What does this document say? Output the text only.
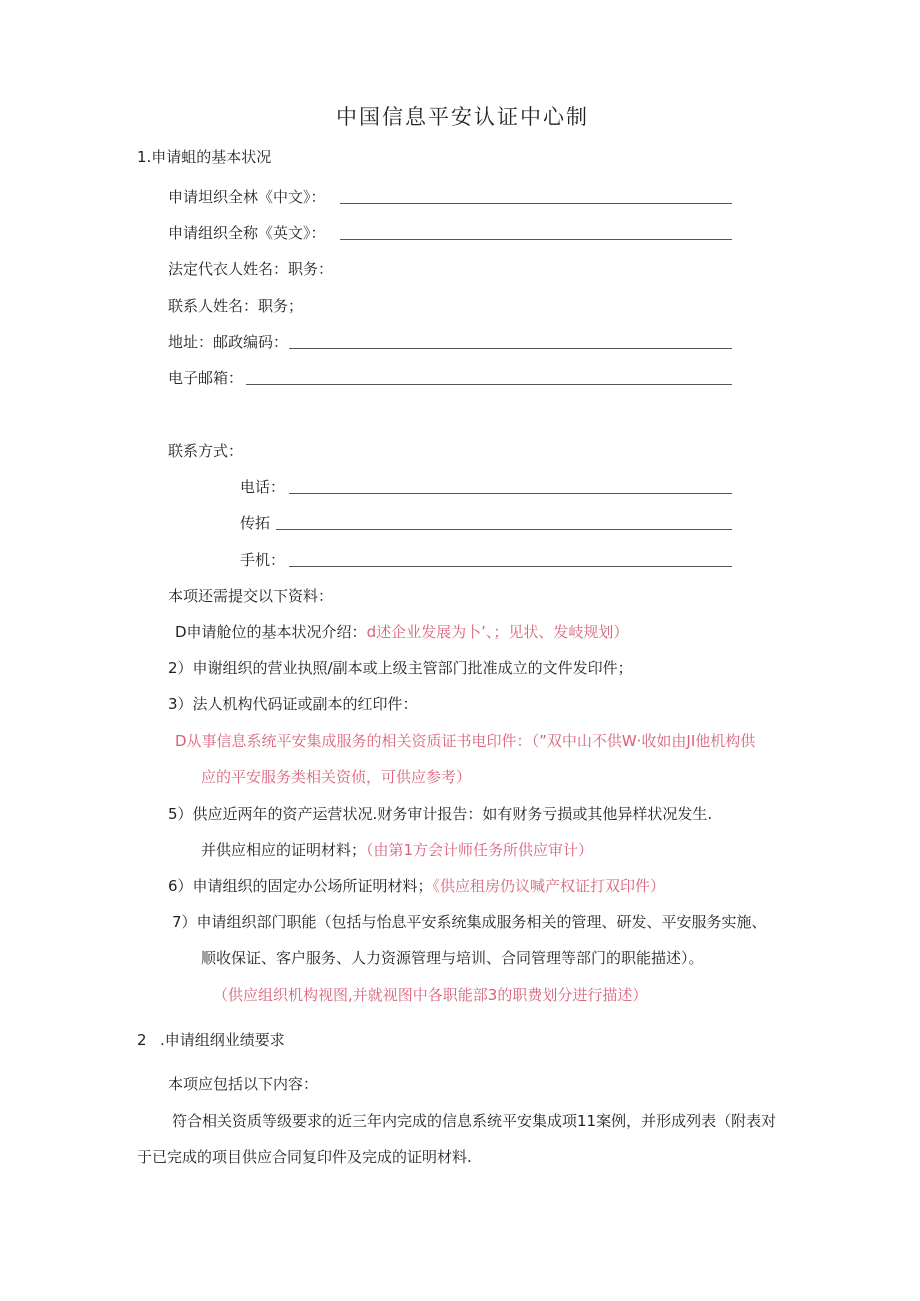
中国信息平安认证中心制
1.申请蛆的基本状况
申请坦织全林《中文》：
申请组织全称《英文》：
法定代衣人姓名：职务：
联系人姓名：职务；
地址：邮政编码：
电子邮箱：
联系方式：
电话：
传拓
手机：
本项还需提交以下资料：
D申请舱位的基本状况介绍：d述企业发展为卜’、；见状、发岐规划）
2）申谢组织的营业执照/副本或上级主管部门批准成立的文件发印件；
3）法人机构代码证或副本的红印件：
D从事信息系统平安集成服务的相关资质证书电印件：（”双中山不供W·收如由JI他机构供
应的平安服务类相关资侦，可供应参考）
5）供应近两年的资产运营状况.财务审计报告：如有财务亏损或其他异样状况发生.
并供应相应的证明材料；（由第1方会计师任务所供应审计）
6）申请组织的固定办公场所证明材料；《供应租房仍议喊产权证打双印件）
7）申请组织部门职能（包括与怡息平安系统集成服务相关的管理、研发、平安服务实施、
顺收保证、客户服务、人力资源管理与培训、合同管理等部门的职能描述）。
（供应组织机构视图,并就视图中各职能部3的职费划分进行描述）
2 .申请组纲业绩要求
本项应包括以下内容：
符合相关资质等级要求的近三年内完成的信息系统平安集成项11案例，并形成列表（附表对
于已完成的项目供应合同复印件及完成的证明材料.
